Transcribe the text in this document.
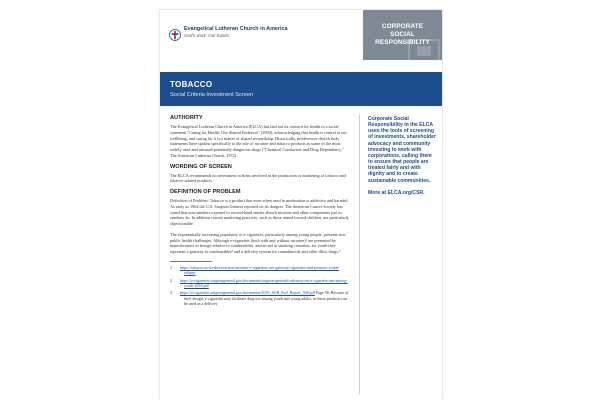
Evangelical Lutheran Church in America
God's work. Our hands.
CORPORATE
SOCIAL
RESPONSIBILITY
TOBACCO
Social Criteria Investment Screen
AUTHORITY

The Evangelical Lutheran Church in America (ELCA) has laid out its concern for health in a social statement "Caring for Health: Our Shared Endeavor" (2003), acknowledging that health is central to our wellbeing, and caring for it is a matter of shared stewardship. Historically, predecessor church body statements have spoken specifically to the role of nicotine and tobacco products as some of the most widely used and misused potentially dangerous drugs ("Chemical Comforters and Drug Dependency," The American Lutheran Church, 1972).

WORDING OF SCREEN

The ELCA recommends no investment in firms involved in the production or marketing of tobacco and tobacco-related products.

DEFINITION OF PROBLEM

Definition of Problem: Tobacco is a product that even when used in moderation is addictive and harmful. As early as 1964 the U.S. Surgeon General reported on its dangers. The American Cancer Society has stated that non-smokers exposed to second-hand smoke absorb nicotine and other components just as smokers do. In addition certain marketing practices, such as those aimed toward children, are particularly objectionable.

The exponentially increasing popularity of e-cigarettes, particularly among young people, presents new public health challenges. Although e-cigarettes (both with and without nicotine)¹ are presented by manufacturers as benign relative to combustibles, and an aid in smoking cessation, for youth they represent a gateway to combustibles² and a delivery system for cannabinoids and other illicit drugs.³

1   https://tobacco.ucsf.edu/even-non-nicotine-e-cigarettes-are-gateway-cigarettes-and-promote-youth-relapse

2   https://e-cigarettes.surgeongeneral.gov/documents/surgeon-generals-advisory-on-e-cigarette-use-among-youth-2018.pdf

3   https://e-cigarettes.surgeongeneral.gov/documents/2016_SGR_Full_Report_508.pdf Page 58: Because of their design, e-cigarettes may facilitate drug use among youth and young adults, as these products can be used as a delivery

Corporate Social Responsibility in the ELCA uses the tools of screening of investments, shareholder advocacy and community investing to work with corporations, calling them to ensure that people are treated fairly and with dignity and to create sustainable communities.

More at ELCA.org/CSR.
